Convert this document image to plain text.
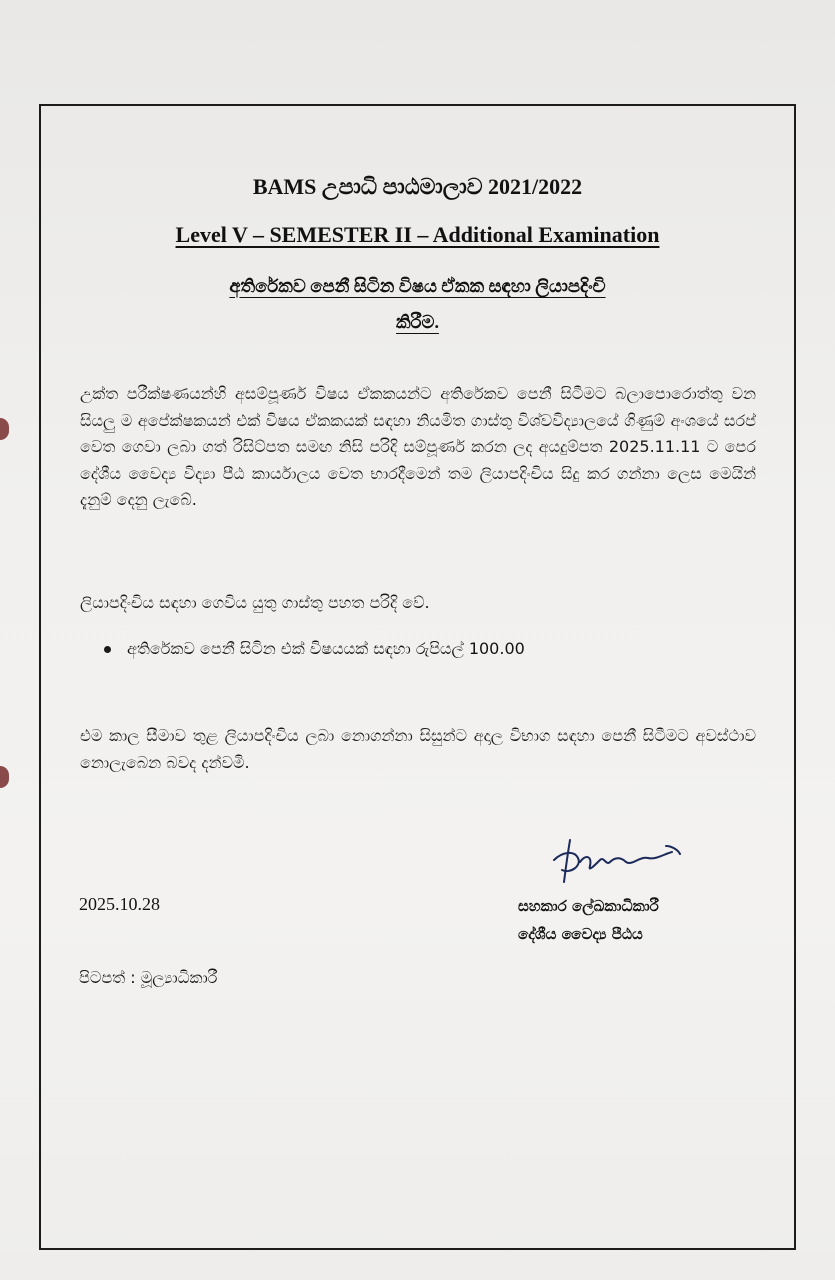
BAMS උපාධි පාඨමාලාව 2021/2022
Level V – SEMESTER II – Additional Examination
අතිරේකව පෙනී සිටින විෂය ඒකක සඳහා ලියාපදිංචි
කිරීම.
උක්ත පරීක්ෂණයන්හි අසම්පූර්ණ විෂය ඒකකයන්ට අතිරේකව පෙනී සිටීමට බලාපොරොත්තු වන සියලු ම අපේක්ෂකයන් එක් විෂය ඒකකයක් සඳහා නියමිත ගාස්තු විශ්වවිද්‍යාලයේ ගිණුම් අංශයේ සරප් වෙත ගෙවා ලබා ගත් රිසිට්පත සමඟ නිසි පරිදි සම්පූර්ණ කරන ලද අයදුම්පත 2025.11.11 ට පෙර දේශීය වෛද්‍ය විද්‍යා පීඨ කාර්යාලය වෙත භාරදීමෙන් තම ලියාපදිංචිය සිදු කර ගන්නා ලෙස මෙයින් දැනුම් දෙනු ලැබේ.
ලියාපදිංචිය සඳහා ගෙවිය යුතු ගාස්තු පහත පරිදි වේ.
අතිරේකව පෙනී සිටින එක් විෂයයක් සඳහා රුපියල් 100.00
එම කාල සීමාව තුළ ලියාපදිංචිය ලබා නොගන්නා සිසුන්ට අදාල විභාග සඳහා පෙනී සිටීමට අවස්ථාව නොලැබෙන බවද දන්වමි.
2025.10.28	සහකාර ලේඛකාධිකාරී
දේශීය වෛද්‍ය පීඨය
පිටපත් : මූල්‍යාධිකාරී
